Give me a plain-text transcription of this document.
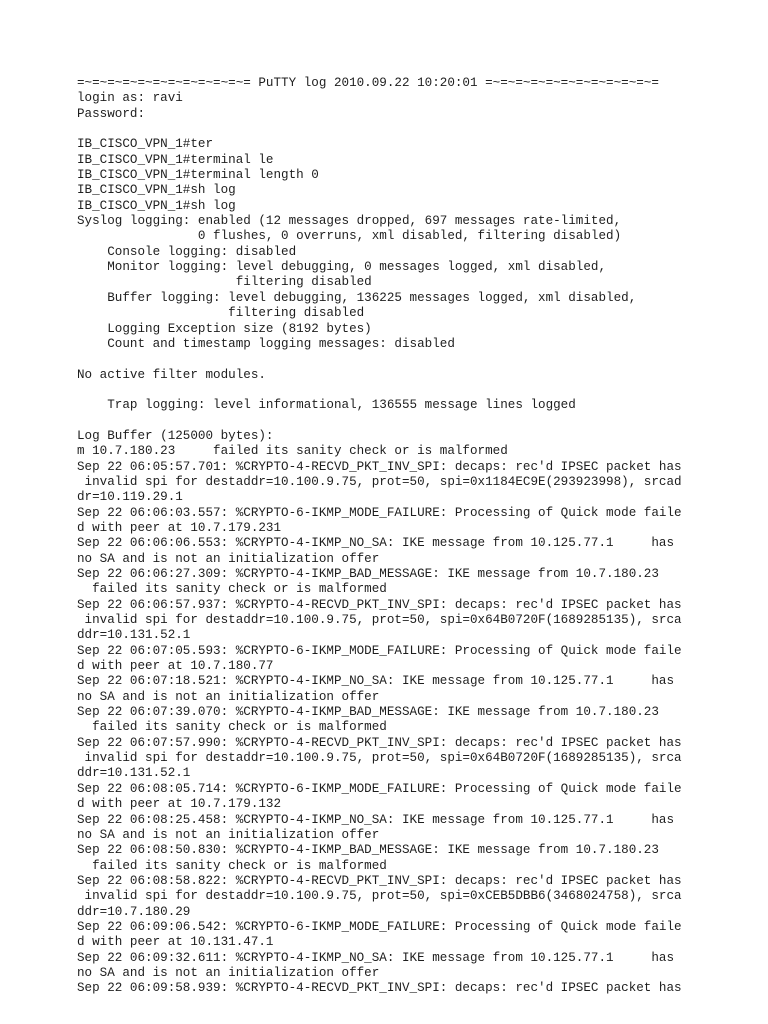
=~=~=~=~=~=~=~=~=~=~=~= PuTTY log 2010.09.22 10:20:01 =~=~=~=~=~=~=~=~=~=~=~=
login as: ravi
Password:
IB_CISCO_VPN_1#ter
IB_CISCO_VPN_1#terminal le
IB_CISCO_VPN_1#terminal length 0
IB_CISCO_VPN_1#sh log
IB_CISCO_VPN_1#sh log
Syslog logging: enabled (12 messages dropped, 697 messages rate-limited,
0 flushes, 0 overruns, xml disabled, filtering disabled)
Console logging: disabled
Monitor logging: level debugging, 0 messages logged, xml disabled,
filtering disabled
Buffer logging: level debugging, 136225 messages logged, xml disabled,
filtering disabled
Logging Exception size (8192 bytes)
Count and timestamp logging messages: disabled
No active filter modules.
Trap logging: level informational, 136555 message lines logged
Log Buffer (125000 bytes):
m 10.7.180.23     failed its sanity check or is malformed
Sep 22 06:05:57.701: %CRYPTO-4-RECVD_PKT_INV_SPI: decaps: rec'd IPSEC packet has
invalid spi for destaddr=10.100.9.75, prot=50, spi=0x1184EC9E(293923998), srcad
dr=10.119.29.1
Sep 22 06:06:03.557: %CRYPTO-6-IKMP_MODE_FAILURE: Processing of Quick mode faile
d with peer at 10.7.179.231
Sep 22 06:06:06.553: %CRYPTO-4-IKMP_NO_SA: IKE message from 10.125.77.1     has
no SA and is not an initialization offer
Sep 22 06:06:27.309: %CRYPTO-4-IKMP_BAD_MESSAGE: IKE message from 10.7.180.23
failed its sanity check or is malformed
Sep 22 06:06:57.937: %CRYPTO-4-RECVD_PKT_INV_SPI: decaps: rec'd IPSEC packet has
invalid spi for destaddr=10.100.9.75, prot=50, spi=0x64B0720F(1689285135), srca
ddr=10.131.52.1
Sep 22 06:07:05.593: %CRYPTO-6-IKMP_MODE_FAILURE: Processing of Quick mode faile
d with peer at 10.7.180.77
Sep 22 06:07:18.521: %CRYPTO-4-IKMP_NO_SA: IKE message from 10.125.77.1     has
no SA and is not an initialization offer
Sep 22 06:07:39.070: %CRYPTO-4-IKMP_BAD_MESSAGE: IKE message from 10.7.180.23
failed its sanity check or is malformed
Sep 22 06:07:57.990: %CRYPTO-4-RECVD_PKT_INV_SPI: decaps: rec'd IPSEC packet has
invalid spi for destaddr=10.100.9.75, prot=50, spi=0x64B0720F(1689285135), srca
ddr=10.131.52.1
Sep 22 06:08:05.714: %CRYPTO-6-IKMP_MODE_FAILURE: Processing of Quick mode faile
d with peer at 10.7.179.132
Sep 22 06:08:25.458: %CRYPTO-4-IKMP_NO_SA: IKE message from 10.125.77.1     has
no SA and is not an initialization offer
Sep 22 06:08:50.830: %CRYPTO-4-IKMP_BAD_MESSAGE: IKE message from 10.7.180.23
failed its sanity check or is malformed
Sep 22 06:08:58.822: %CRYPTO-4-RECVD_PKT_INV_SPI: decaps: rec'd IPSEC packet has
invalid spi for destaddr=10.100.9.75, prot=50, spi=0xCEB5DBB6(3468024758), srca
ddr=10.7.180.29
Sep 22 06:09:06.542: %CRYPTO-6-IKMP_MODE_FAILURE: Processing of Quick mode faile
d with peer at 10.131.47.1
Sep 22 06:09:32.611: %CRYPTO-4-IKMP_NO_SA: IKE message from 10.125.77.1     has
no SA and is not an initialization offer
Sep 22 06:09:58.939: %CRYPTO-4-RECVD_PKT_INV_SPI: decaps: rec'd IPSEC packet has
